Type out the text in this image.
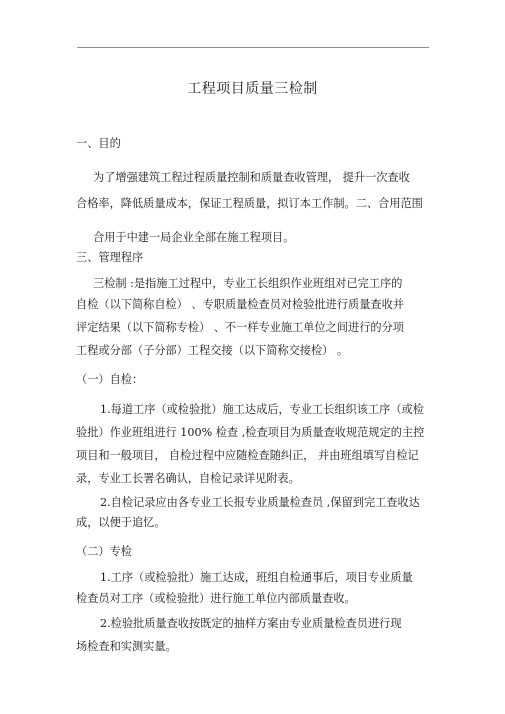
工程项目质量三检制
一、目的
为了增强建筑工程过程质量控制和质量查收管理， 提升一次查收
合格率，降低质量成本，保证工程质量，拟订本工作制。二、合用范围
合用于中建一局企业全部在施工程项目。
三、管理程序
三检制 :是指施工过程中，专业工长组织作业班组对已完工序的
自检（以下简称自检） 、专职质量检查员对检验批进行质量查收并
评定结果（以下简称专检） 、不一样专业施工单位之间进行的分项
工程或分部（子分部）工程交接（以下简称交接检） 。
（一）自检：
1.每道工序（或检验批）施工达成后，专业工长组织该工序（或检
验批）作业班组进行 100% 检查 ,检查项目为质量查收规范规定的主控
项目和一般项目， 自检过程中应随检查随纠正， 并由班组填写自检记
录，专业工长署名确认，自检记录详见附表。
2.自检记录应由各专业工长报专业质量检查员 ,保留到完工查收达
成，以便于追忆。
（二）专检
1.工序（或检验批）施工达成，班组自检通事后，项目专业质量
检查员对工序（或检验批）进行施工单位内部质量查收。
2.检验批质量查收按既定的抽样方案由专业质量检查员进行现
场检查和实测实量。
